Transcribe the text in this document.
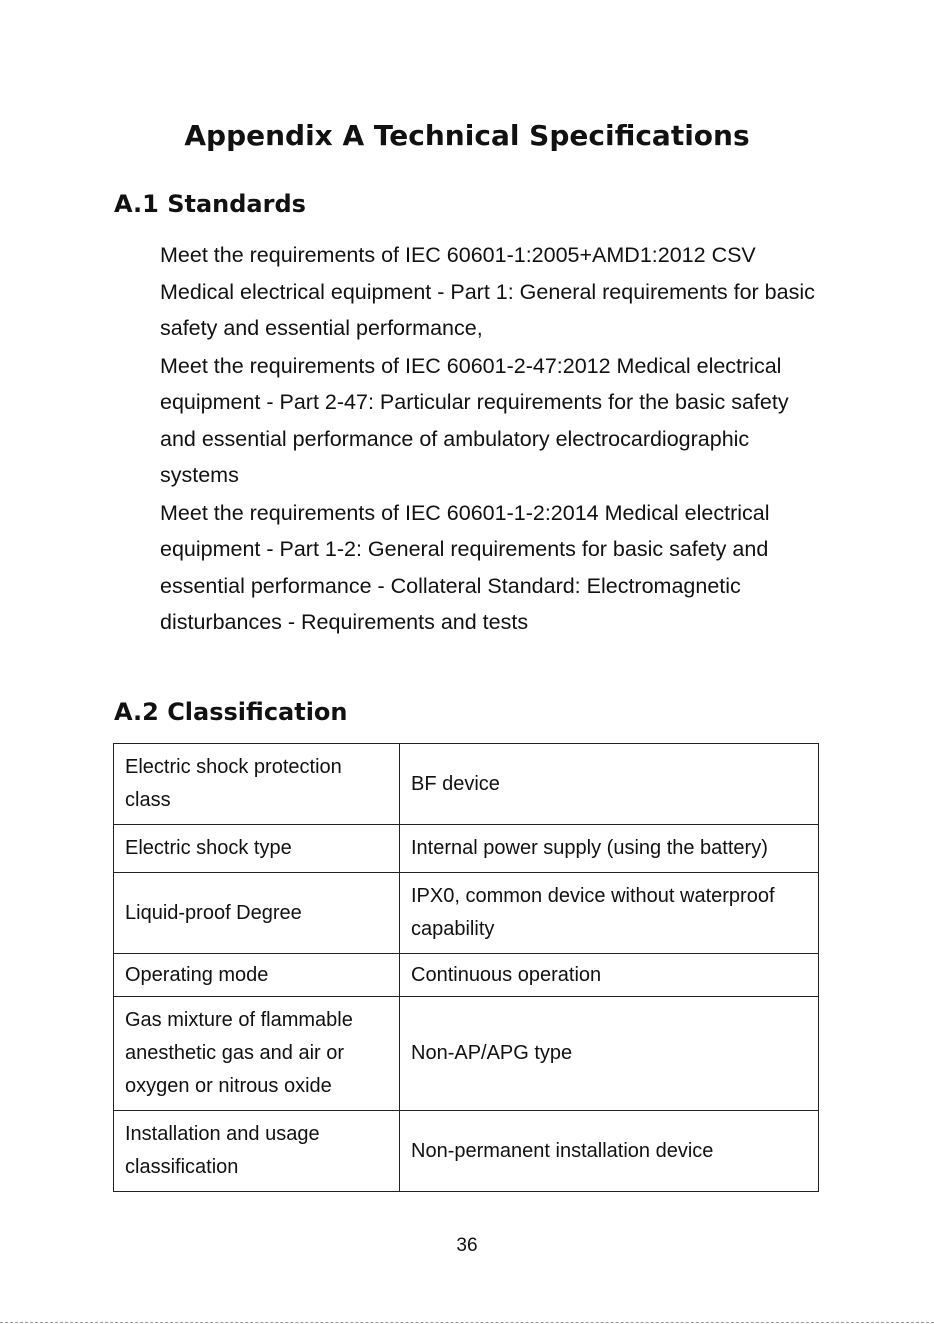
Appendix A Technical Specifications
A.1 Standards

Meet the requirements of IEC 60601-1:2005+AMD1:2012 CSV Medical electrical equipment - Part 1: General requirements for basic safety and essential performance,

Meet the requirements of IEC 60601-2-47:2012 Medical electrical equipment - Part 2-47: Particular requirements for the basic safety and essential performance of ambulatory electrocardiographic systems

Meet the requirements of IEC 60601-1-2:2014 Medical electrical equipment - Part 1-2: General requirements for basic safety and essential performance - Collateral Standard: Electromagnetic disturbances - Requirements and tests

A.2 Classification
Electric shock protection class	BF device
Electric shock type	Internal power supply (using the battery)
Liquid-proof Degree	IPX0, common device without waterproof capability
Operating mode	Continuous operation
Gas mixture of flammable anesthetic gas and air or oxygen or nitrous oxide	Non-AP/APG type
Installation and usage classification	Non-permanent installation device
36
